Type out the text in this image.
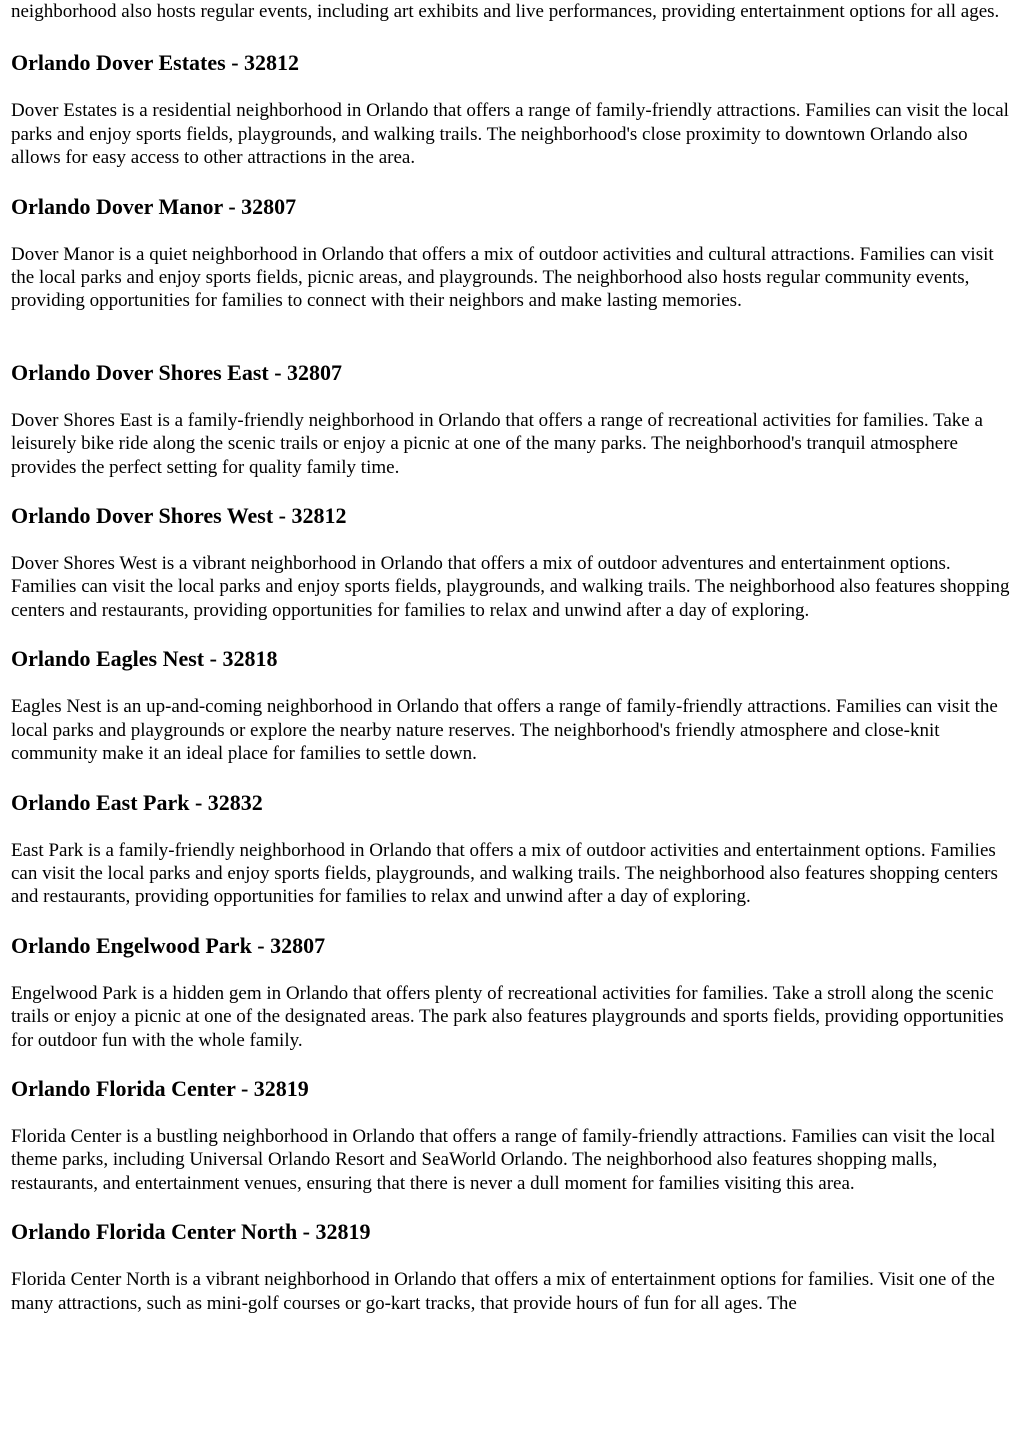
neighborhood also hosts regular events, including art exhibits and live performances, providing entertainment options for all ages.

Orlando Dover Estates - 32812

Dover Estates is a residential neighborhood in Orlando that offers a range of family-friendly attractions. Families can visit the local parks and enjoy sports fields, playgrounds, and walking trails. The neighborhood's close proximity to downtown Orlando also allows for easy access to other attractions in the area.

Orlando Dover Manor - 32807

Dover Manor is a quiet neighborhood in Orlando that offers a mix of outdoor activities and cultural attractions. Families can visit the local parks and enjoy sports fields, picnic areas, and playgrounds. The neighborhood also hosts regular community events, providing opportunities for families to connect with their neighbors and make lasting memories.

Orlando Dover Shores East - 32807

Dover Shores East is a family-friendly neighborhood in Orlando that offers a range of recreational activities for families. Take a leisurely bike ride along the scenic trails or enjoy a picnic at one of the many parks. The neighborhood's tranquil atmosphere provides the perfect setting for quality family time.

Orlando Dover Shores West - 32812

Dover Shores West is a vibrant neighborhood in Orlando that offers a mix of outdoor adventures and entertainment options. Families can visit the local parks and enjoy sports fields, playgrounds, and walking trails. The neighborhood also features shopping centers and restaurants, providing opportunities for families to relax and unwind after a day of exploring.

Orlando Eagles Nest - 32818

Eagles Nest is an up-and-coming neighborhood in Orlando that offers a range of family-friendly attractions. Families can visit the local parks and playgrounds or explore the nearby nature reserves. The neighborhood's friendly atmosphere and close-knit community make it an ideal place for families to settle down.

Orlando East Park - 32832

East Park is a family-friendly neighborhood in Orlando that offers a mix of outdoor activities and entertainment options. Families can visit the local parks and enjoy sports fields, playgrounds, and walking trails. The neighborhood also features shopping centers and restaurants, providing opportunities for families to relax and unwind after a day of exploring.

Orlando Engelwood Park - 32807

Engelwood Park is a hidden gem in Orlando that offers plenty of recreational activities for families. Take a stroll along the scenic trails or enjoy a picnic at one of the designated areas. The park also features playgrounds and sports fields, providing opportunities for outdoor fun with the whole family.

Orlando Florida Center - 32819

Florida Center is a bustling neighborhood in Orlando that offers a range of family-friendly attractions. Families can visit the local theme parks, including Universal Orlando Resort and SeaWorld Orlando. The neighborhood also features shopping malls, restaurants, and entertainment venues, ensuring that there is never a dull moment for families visiting this area.

Orlando Florida Center North - 32819

Florida Center North is a vibrant neighborhood in Orlando that offers a mix of entertainment options for families. Visit one of the many attractions, such as mini-golf courses or go-kart tracks, that provide hours of fun for all ages. The
